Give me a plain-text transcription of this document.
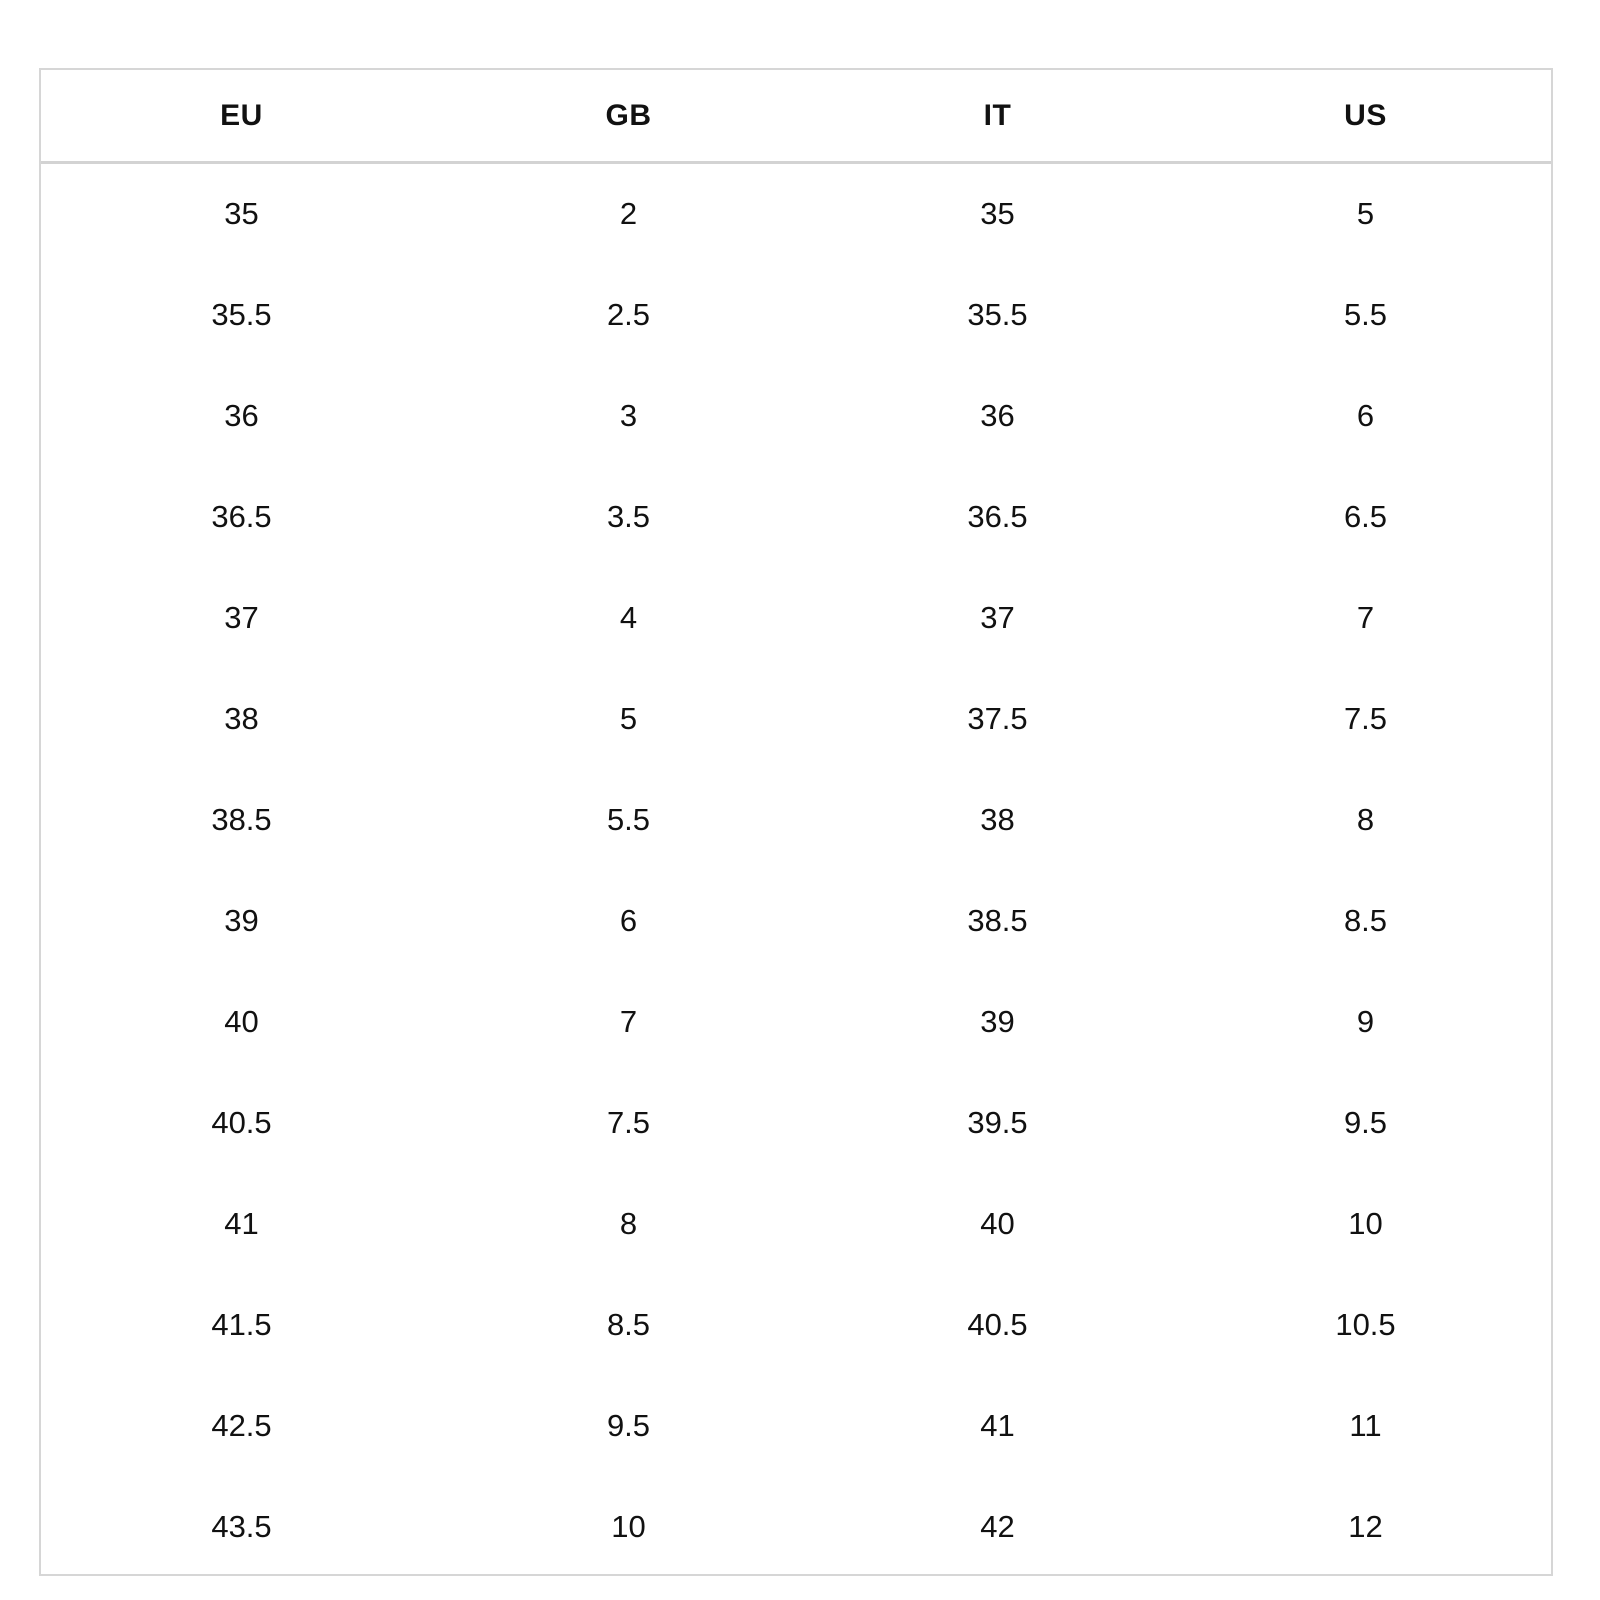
EU	GB	IT	US
35	2	35	5
35.5	2.5	35.5	5.5
36	3	36	6
36.5	3.5	36.5	6.5
37	4	37	7
38	5	37.5	7.5
38.5	5.5	38	8
39	6	38.5	8.5
40	7	39	9
40.5	7.5	39.5	9.5
41	8	40	10
41.5	8.5	40.5	10.5
42.5	9.5	41	11
43.5	10	42	12
